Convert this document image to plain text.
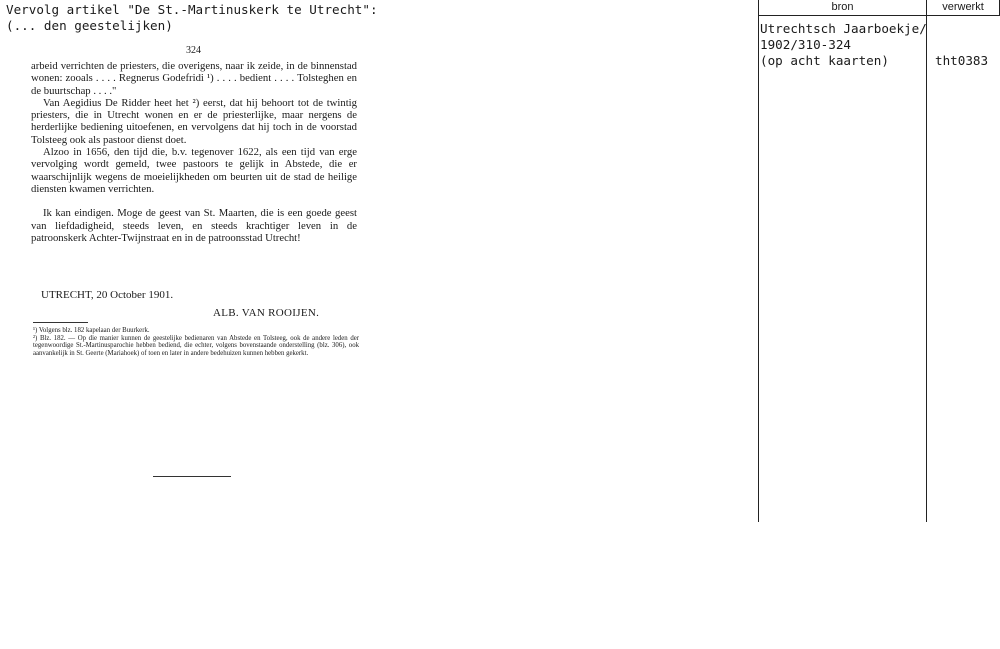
Vervolg artikel "De St.-Martinuskerk te Utrecht":
(... den geestelijken)
324

arbeid verrichten de priesters, die overigens, naar ik zeide, in de binnenstad wonen: zooals . . . . Regnerus Godefridi ¹) . . . . bedient . . . . Tolsteghen en de buurtschap . . . ."

Van Aegidius De Ridder heet het ²) eerst, dat hij behoort tot de twintig priesters, die in Utrecht wonen en er de priesterlijke, maar nergens de herderlijke bediening uitoefenen, en vervolgens dat hij toch in de voorstad Tolsteeg ook als pastoor dienst doet.

Alzoo in 1656, den tijd die, b.v. tegenover 1622, als een tijd van erge vervolging wordt gemeld, twee pastoors te gelijk in Abstede, die er waarschijnlijk wegens de moeielijkheden om beurten uit de stad de heilige diensten kwamen verrichten.

Ik kan eindigen. Moge de geest van St. Maarten, die is een goede geest van liefdadigheid, steeds leven, en steeds krachtiger leven in de patroonskerk Achter-Twijnstraat en in de patroonsstad Utrecht!

UTRECHT, 20 October 1901.
ALB. VAN ROOIJEN.

¹) Volgens blz. 182 kapelaan der Buurkerk.

²) Blz. 182. — Op die manier kunnen de geestelijke bedienaren van Abstede en Tolsteeg, ook de andere leden der tegenwoordige St.-Martinusparochie hebben bediend, die echter, volgens bovenstaande onderstelling (blz. 306), ook aanvankelijk in St. Geerte (Mariahoek) of toen en later in andere bedehuizen kunnen hebben gekerkt.

bron	verwerkt
Utrechtsch Jaarboekje/
1902/310-324
(op acht kaarten)	tht0383
